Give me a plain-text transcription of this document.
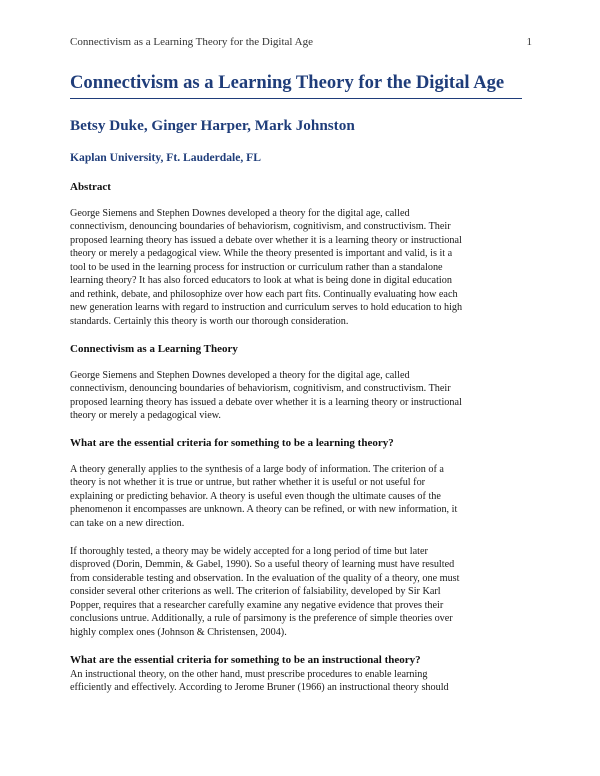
Connectivism as a Learning Theory for the Digital Age	1
Connectivism as a Learning Theory for the Digital Age
Betsy Duke, Ginger Harper, Mark Johnston
Kaplan University, Ft. Lauderdale, FL
Abstract
George Siemens and Stephen Downes developed a theory for the digital age, called
connectivism, denouncing boundaries of behaviorism, cognitivism, and constructivism. Their
proposed learning theory has issued a debate over whether it is a learning theory or instructional
theory or merely a pedagogical view. While the theory presented is important and valid, is it a
tool to be used in the learning process for instruction or curriculum rather than a standalone
learning theory? It has also forced educators to look at what is being done in digital education
and rethink, debate, and philosophize over how each part fits. Continually evaluating how each
new generation learns with regard to instruction and curriculum serves to hold education to high
standards. Certainly this theory is worth our thorough consideration.
Connectivism as a Learning Theory
George Siemens and Stephen Downes developed a theory for the digital age, called
connectivism, denouncing boundaries of behaviorism, cognitivism, and constructivism. Their
proposed learning theory has issued a debate over whether it is a learning theory or instructional
theory or merely a pedagogical view.
What are the essential criteria for something to be a learning theory?
A theory generally applies to the synthesis of a large body of information. The criterion of a
theory is not whether it is true or untrue, but rather whether it is useful or not useful for
explaining or predicting behavior. A theory is useful even though the ultimate causes of the
phenomenon it encompasses are unknown. A theory can be refined, or with new information, it
can take on a new direction.
If thoroughly tested, a theory may be widely accepted for a long period of time but later
disproved (Dorin, Demmin, & Gabel, 1990). So a useful theory of learning must have resulted
from considerable testing and observation. In the evaluation of the quality of a theory, one must
consider several other criterions as well. The criterion of falsiability, developed by Sir Karl
Popper, requires that a researcher carefully examine any negative evidence that proves their
conclusions untrue. Additionally, a rule of parsimony is the preference of simple theories over
highly complex ones (Johnson & Christensen, 2004).
What are the essential criteria for something to be an instructional theory?
An instructional theory, on the other hand, must prescribe procedures to enable learning
efficiently and effectively. According to Jerome Bruner (1966) an instructional theory should
